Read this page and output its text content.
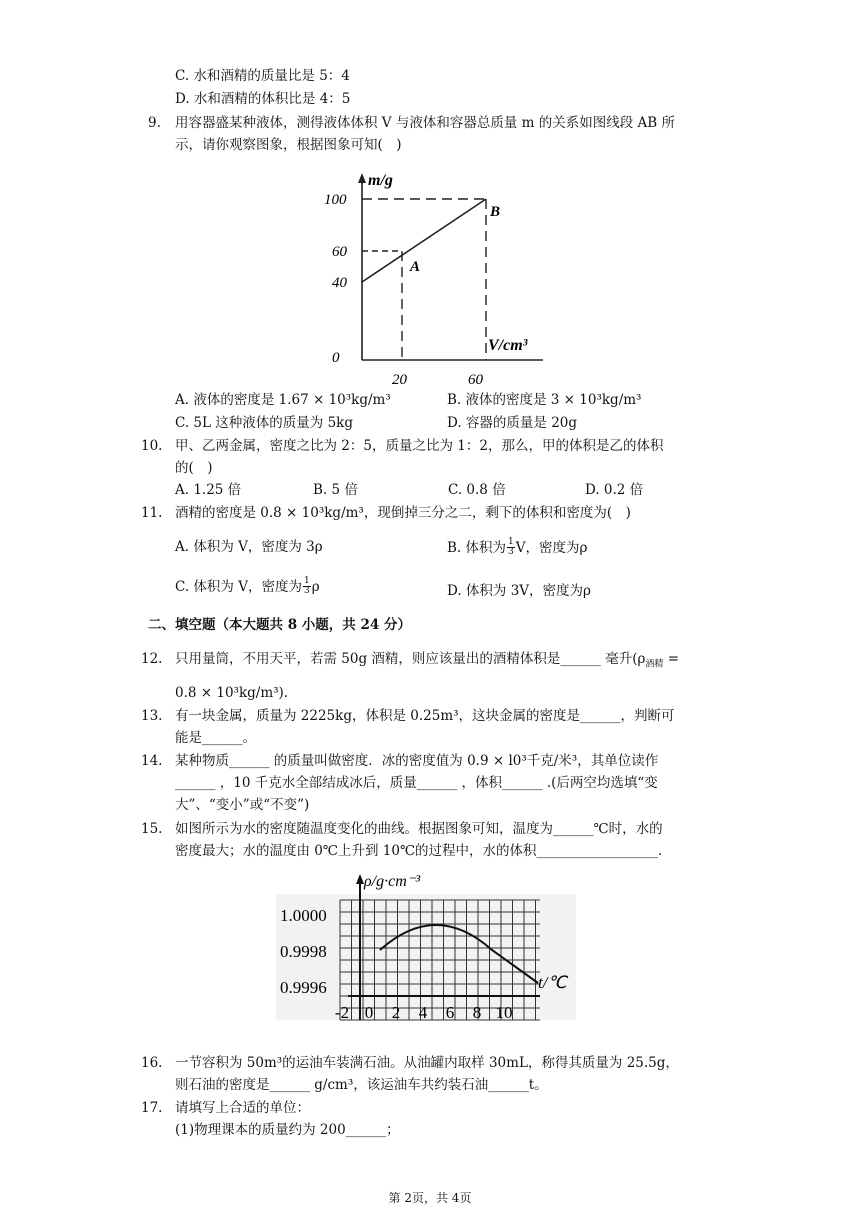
C. 水和酒精的质量比是 5：4
D. 水和酒精的体积比是 4：5
9. 用容器盛某种液体，测得液体体积 V 与液体和容器总质量 m 的关系如图线段 AB 所
示，请你观察图象，根据图象可知(　)
m/g
100
60
40
0
20	60
V/cm³
A
B
A. 液体的密度是 1.67 × 10³kg/m³	B. 液体的密度是 3 × 10³kg/m³
C. 5L 这种液体的质量为 5kg	D. 容器的质量是 20g
10. 甲、乙两金属，密度之比为 2：5，质量之比为 1：2，那么，甲的体积是乙的体积
的(　)
A. 1.25 倍	B. 5 倍	C. 0.8 倍	D. 0.2 倍
11. 酒精的密度是 0.8 × 10³kg/m³，现倒掉三分之二，剩下的体积和密度为(　)
A. 体积为 V，密度为 3ρ	B. 体积为 $\frac{1}{3}$ V，密度为ρ
C. 体积为 V，密度为 $\frac{1}{3}$ ρ	D. 体积为 3V，密度为ρ
二、填空题（本大题共 8 小题，共 24 分）
12. 只用量筒，不用天平，若需 50g 酒精，则应该量出的酒精体积是______ 毫升($\rho_{酒精}$ =
0.8 × 10³kg/m³).
13. 有一块金属，质量为 2225kg，体积是 0.25m³，这块金属的密度是______，判断可
能是______。
14. 某种物质______ 的质量叫做密度．冰的密度值为 0.9 × l0³千克/米³，其单位读作
______ ，10 千克水全部结成冰后，质量______ ，体积______ .(后两空均选填“变
大”、“变小”或“不变”)
15. 如图所示为水的密度随温度变化的曲线。根据图象可知，温度为______℃时，水的
密度最大；水的温度由 0℃上升到 10℃的过程中，水的体积__________________.
ρ/g·cm⁻³
1.0000
0.9998
0.9996	t/℃
-2 0 2 4 6 8 10
16. 一节容积为 50m³的运油车装满石油。从油罐内取样 30mL，称得其质量为 25.5g，
则石油的密度是______ g/cm³，该运油车共约装石油______t。
17. 请填写上合适的单位：
(1)物理课本的质量约为 200______；
第 2页，共 4页
